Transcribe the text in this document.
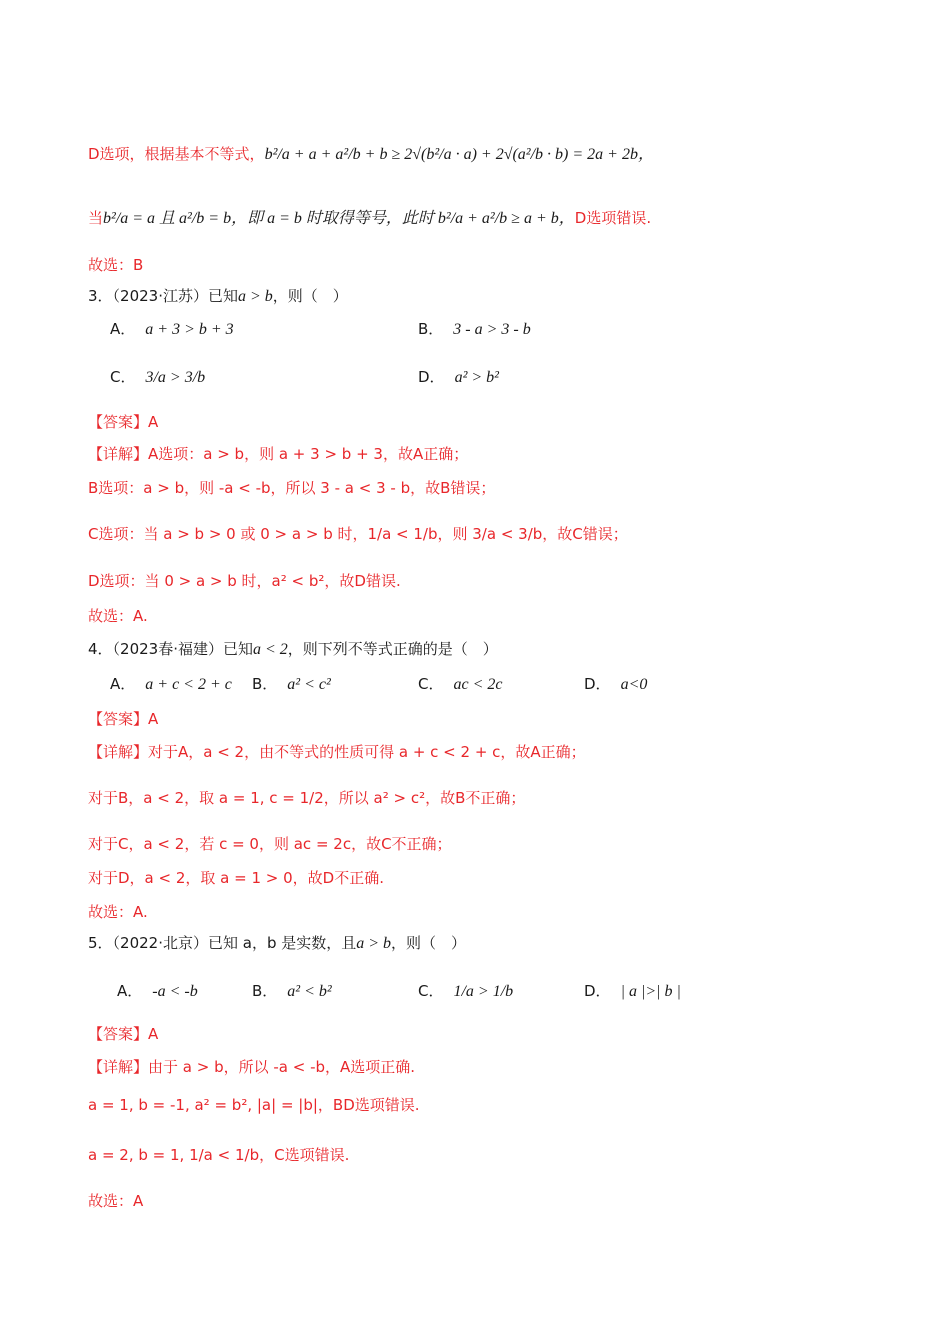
D选项，根据基本不等式，b²/a + a + a²/b + b ≥ 2√(b²/a · a) + 2√(a²/b · b) = 2a + 2b，
当b²/a = a 且 a²/b = b，即 a = b 时取得等号，此时 b²/a + a²/b ≥ a + b，D选项错误.
故选：B
3．（2023·江苏）已知a > b，则（　）
A． a + 3 > b + 3	B． 3 - a > 3 - b
C． 3/a > 3/b	D． a² > b²
【答案】A
【详解】A选项：a > b，则 a + 3 > b + 3，故A正确；
B选项：a > b，则 -a < -b，所以 3 - a < 3 - b，故B错误；
C选项：当 a > b > 0 或 0 > a > b 时，1/a < 1/b，则 3/a < 3/b，故C错误；
D选项：当 0 > a > b 时，a² < b²，故D错误.
故选：A.
4．（2023春·福建）已知a < 2，则下列不等式正确的是（　）
A． a + c < 2 + c B． a² < c²	C． ac < 2c	D． a<0
【答案】A
【详解】对于A，a < 2，由不等式的性质可得 a + c < 2 + c，故A正确；
对于B，a < 2，取 a = 1, c = 1/2，所以 a² > c²，故B不正确；
对于C，a < 2，若 c = 0，则 ac = 2c，故C不正确；
对于D，a < 2，取 a = 1 > 0，故D不正确.
故选：A.
5．（2022·北京）已知 a，b 是实数，且a > b，则（　）
A． -a < -b	B． a² < b²	C． 1/a > 1/b	D． | a |>| b |
【答案】A
【详解】由于 a > b，所以 -a < -b，A选项正确.
a = 1, b = -1, a² = b², |a| = |b|，BD选项错误.
a = 2, b = 1, 1/a < 1/b，C选项错误.
故选：A
